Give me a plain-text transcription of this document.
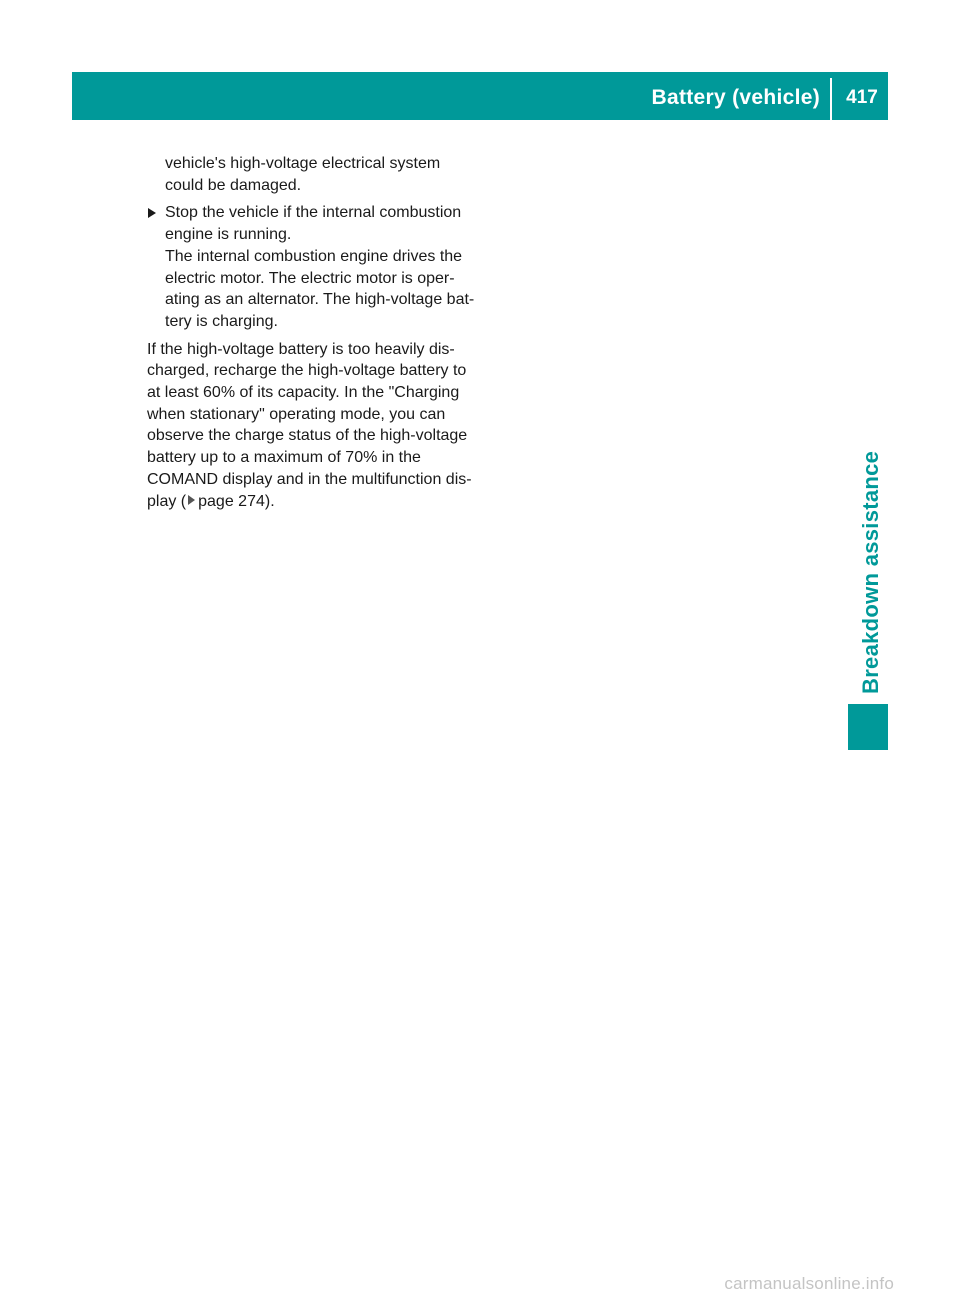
Battery (vehicle)	417
Breakdown assistance

vehicle's high-voltage electrical system

could be damaged.

Stop the vehicle if the internal combustion

engine is running.

The internal combustion engine drives the

electric motor. The electric motor is oper-

ating as an alternator. The high-voltage bat-

tery is charging.

If the high-voltage battery is too heavily dis-

charged, recharge the high-voltage battery to

at least 60% of its capacity. In the "Charging

when stationary" operating mode, you can

observe the charge status of the high-voltage

battery up to a maximum of 70% in the

COMAND display and in the multifunction dis-

play ( page 274).

carmanualsonline.info
